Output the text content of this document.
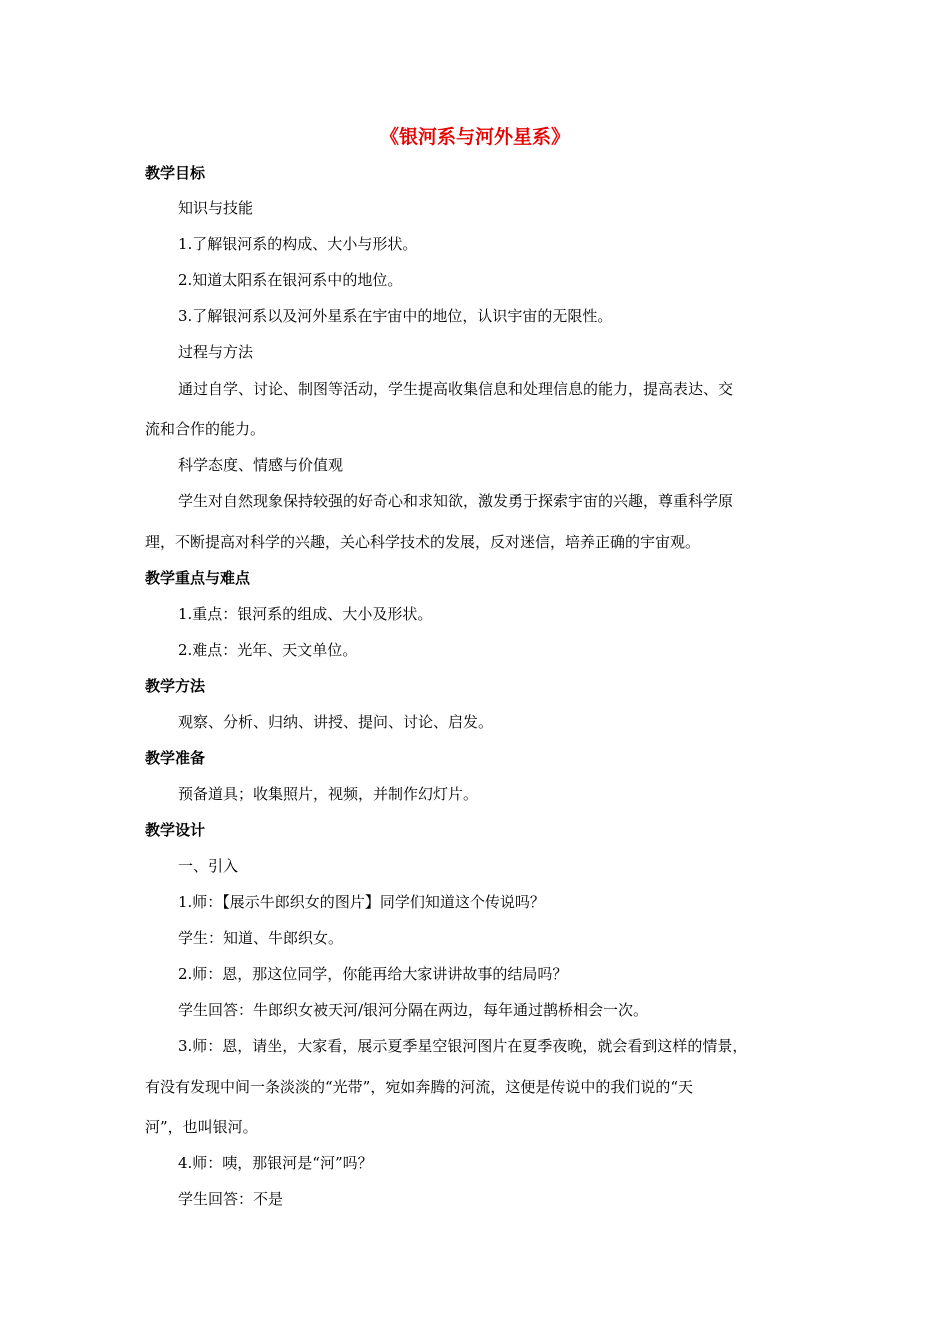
《银河系与河外星系》
教学目标
知识与技能
1.了解银河系的构成、大小与形状。
2.知道太阳系在银河系中的地位。
3.了解银河系以及河外星系在宇宙中的地位，认识宇宙的无限性。
过程与方法
通过自学、讨论、制图等活动，学生提高收集信息和处理信息的能力，提高表达、交
流和合作的能力。
科学态度、情感与价值观
学生对自然现象保持较强的好奇心和求知欲，激发勇于探索宇宙的兴趣，尊重科学原
理，不断提高对科学的兴趣，关心科学技术的发展，反对迷信，培养正确的宇宙观。
教学重点与难点
1.重点：银河系的组成、大小及形状。
2.难点：光年、天文单位。
教学方法
观察、分析、归纳、讲授、提问、讨论、启发。
教学准备
预备道具；收集照片，视频，并制作幻灯片。
教学设计
一、引入
1.师：【展示牛郎织女的图片】同学们知道这个传说吗？
学生：知道、牛郎织女。
2.师：恩，那这位同学，你能再给大家讲讲故事的结局吗？
学生回答：牛郎织女被天河/银河分隔在两边，每年通过鹊桥相会一次。
3.师：恩，请坐，大家看，展示夏季星空银河图片在夏季夜晚，就会看到这样的情景，
有没有发现中间一条淡淡的“光带”，宛如奔腾的河流，这便是传说中的我们说的“天
河”，也叫银河。
4.师：咦，那银河是“河”吗？
学生回答：不是
